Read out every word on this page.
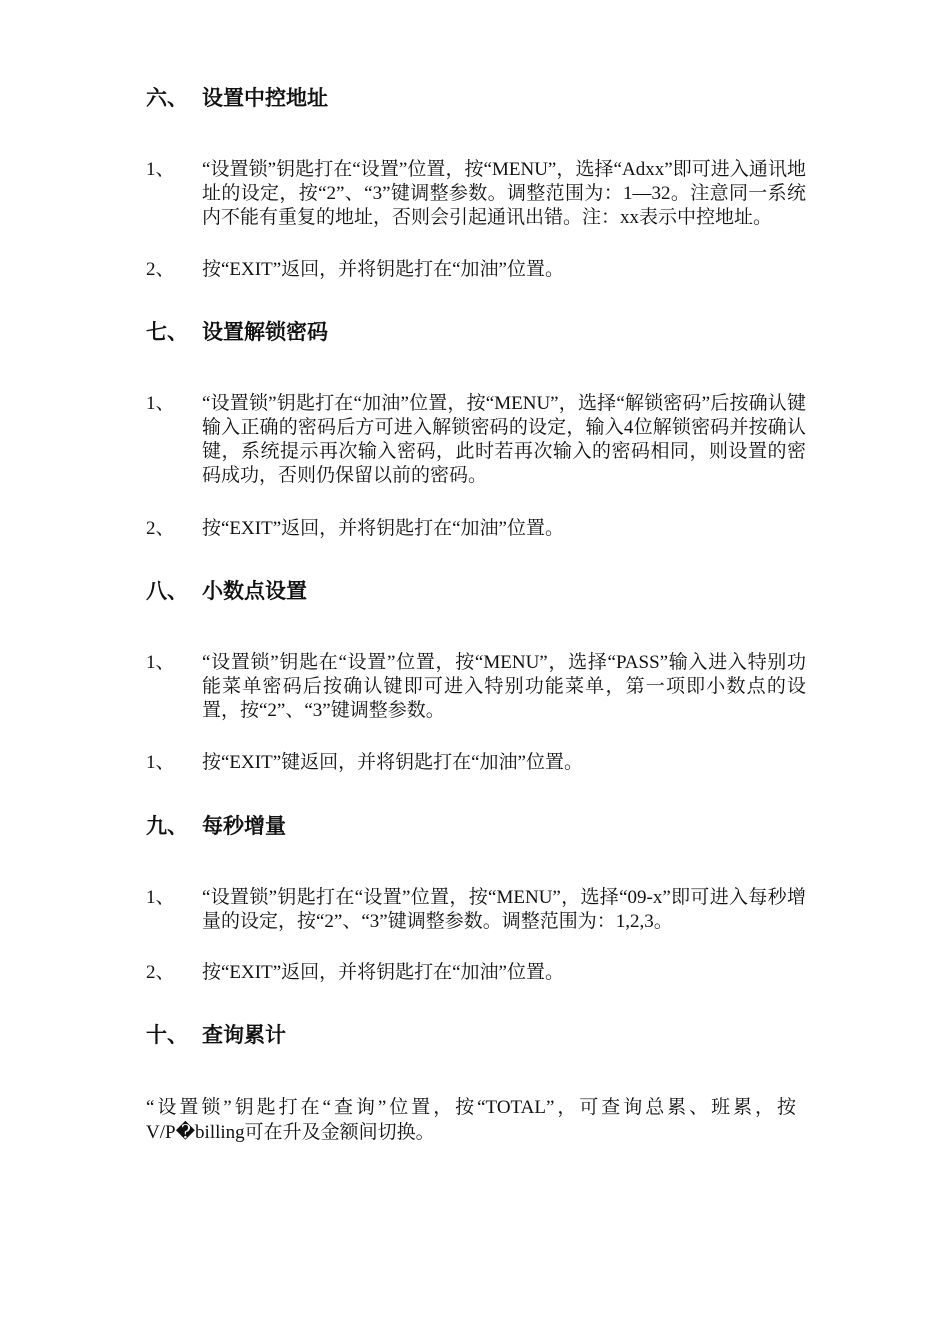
六、 设置中控地址
1、	“设置锁”钥匙打在“设置”位置，按“MENU”，选择“Adxx”即可进入通讯地址的设定，按“2”、“3”键调整参数。调整范围为：1—32。注意同一系统内不能有重复的地址，否则会引起通讯出错。注：xx表示中控地址。
2、	按“EXIT”返回，并将钥匙打在“加油”位置。
七、 设置解锁密码
1、	“设置锁”钥匙打在“加油”位置，按“MENU”，选择“解锁密码”后按确认键输入正确的密码后方可进入解锁密码的设定，输入4位解锁密码并按确认键，系统提示再次输入密码，此时若再次输入的密码相同，则设置的密码成功，否则仍保留以前的密码。
2、	按“EXIT”返回，并将钥匙打在“加油”位置。
八、 小数点设置
1、	“设置锁”钥匙在“设置”位置，按“MENU”，选择“PASS”输入进入特别功能菜单密码后按确认键即可进入特别功能菜单，第一项即小数点的设置，按“2”、“3”键调整参数。
1、	按“EXIT”键返回，并将钥匙打在“加油”位置。
九、 每秒增量
1、	“设置锁”钥匙打在“设置”位置，按“MENU”，选择“09-x”即可进入每秒增量的设定，按“2”、“3”键调整参数。调整范围为：1,2,3。
2、	按“EXIT”返回，并将钥匙打在“加油”位置。
十、 查询累计
“设置锁”钥匙打在“查询”位置，按“TOTAL”，可查询总累、班累，按V/P�billing可在升及金额间切换。
